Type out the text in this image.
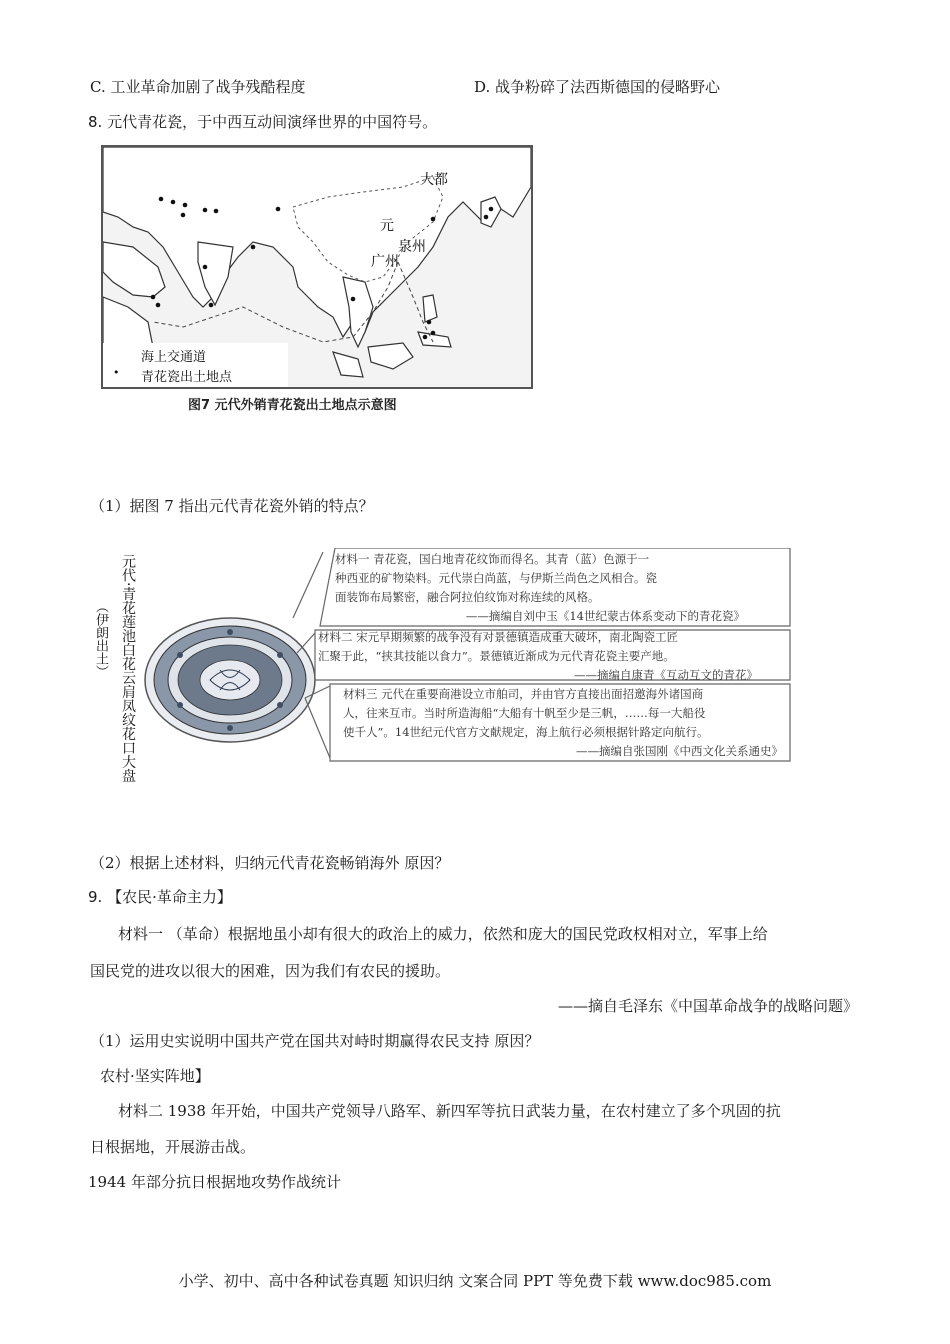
C. 工业革命加剧了战争残酷程度	D. 战争粉碎了法西斯德国的侵略野心
8. 元代青花瓷，于中西互动间演绎世界的中国符号。
大都
元
泉州
广州
海上交通道
• 青花瓷出土地点
图7 元代外销青花瓷出土地点示意图
（1）据图 7 指出元代青花瓷外销的特点？
元代·青花莲池白花云肩凤纹花口大盘
（伊朗出土）
材料一 青花瓷，国白地青花纹饰而得名。其青（蓝）色源于一
种西亚的矿物染料。元代崇白尚蓝，与伊斯兰尚色之风相合。瓷
面装饰布局繁密，融合阿拉伯纹饰对称连续的风格。
——摘编自刘中玉《14世纪蒙古体系变动下的青花瓷》
材料二 宋元早期频繁的战争没有对景德镇造成重大破坏，南北陶瓷工匠
汇聚于此，“挟其技能以食力”。景德镇近渐成为元代青花瓷主要产地。
——摘编自康青《互动互文的青花》
材料三 元代在重要商港设立市舶司，并由官方直接出面招邀海外诸国商
人，往来互市。当时所造海船“大船有十帆至少是三帆，……每一大船役
使千人”。14世纪元代官方文献规定，海上航行必须根据针路定向航行。
——摘编自张国刚《中西文化关系通史》
（2）根据上述材料，归纳元代青花瓷畅销海外 原因？
9. 【农民·革命主力】
材料一 （革命）根据地虽小却有很大的政治上的威力，依然和庞大的国民党政权相对立，军事上给
国民党的进攻以很大的困难，因为我们有农民的援助。
——摘自毛泽东《中国革命战争的战略问题》
（1）运用史实说明中国共产党在国共对峙时期赢得农民支持 原因？
农村·坚实阵地】
材料二 1938 年开始，中国共产党领导八路军、新四军等抗日武装力量，在农村建立了多个巩固的抗
日根据地，开展游击战。
1944 年部分抗日根据地攻势作战统计
小学、初中、高中各种试卷真题 知识归纳 文案合同 PPT 等免费下载 www.doc985.com
